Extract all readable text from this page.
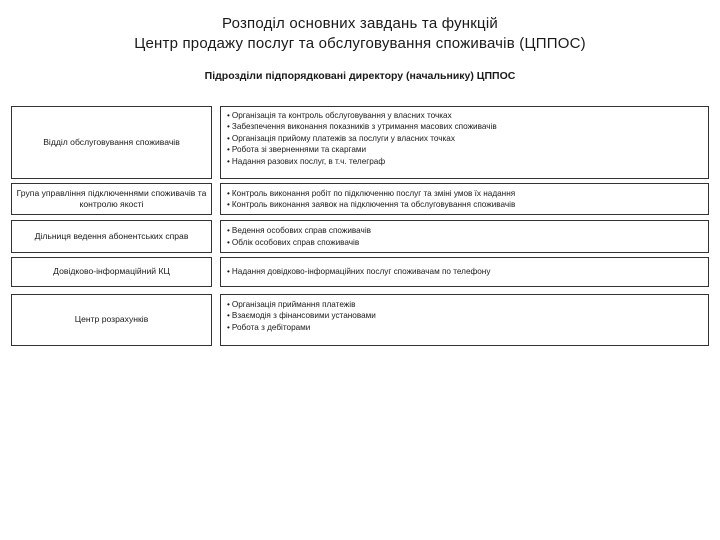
Розподіл основних завдань та функцій
Центр продажу послуг та обслуговування споживачів (ЦППОС)
Підрозділи підпорядковані директору (начальнику) ЦППОС
Відділ обслуговування споживачів
• Організація та контроль обслуговування у власних точках
• Забезпечення виконання показників з утримання масових споживачів
• Організація прийому платежів за послуги у власних точках
• Робота зі зверненнями та скаргами
• Надання разових послуг, в т.ч. телеграф
Група управління підключеннями споживачів та контролю якості
• Контроль виконання робіт по підключенню послуг та зміні умов їх надання
• Контроль виконання заявок на підключення та обслуговування споживачів
Дільниця ведення абонентських справ
• Ведення особових справ споживачів
• Облік особових справ споживачів
Довідково-інформаційний КЦ
•	Надання довідково-інформаційних послуг споживачам по телефону
Центр розрахунків
• Організація приймання платежів
• Взаємодія з фінансовими установами
• Робота з дебіторами
